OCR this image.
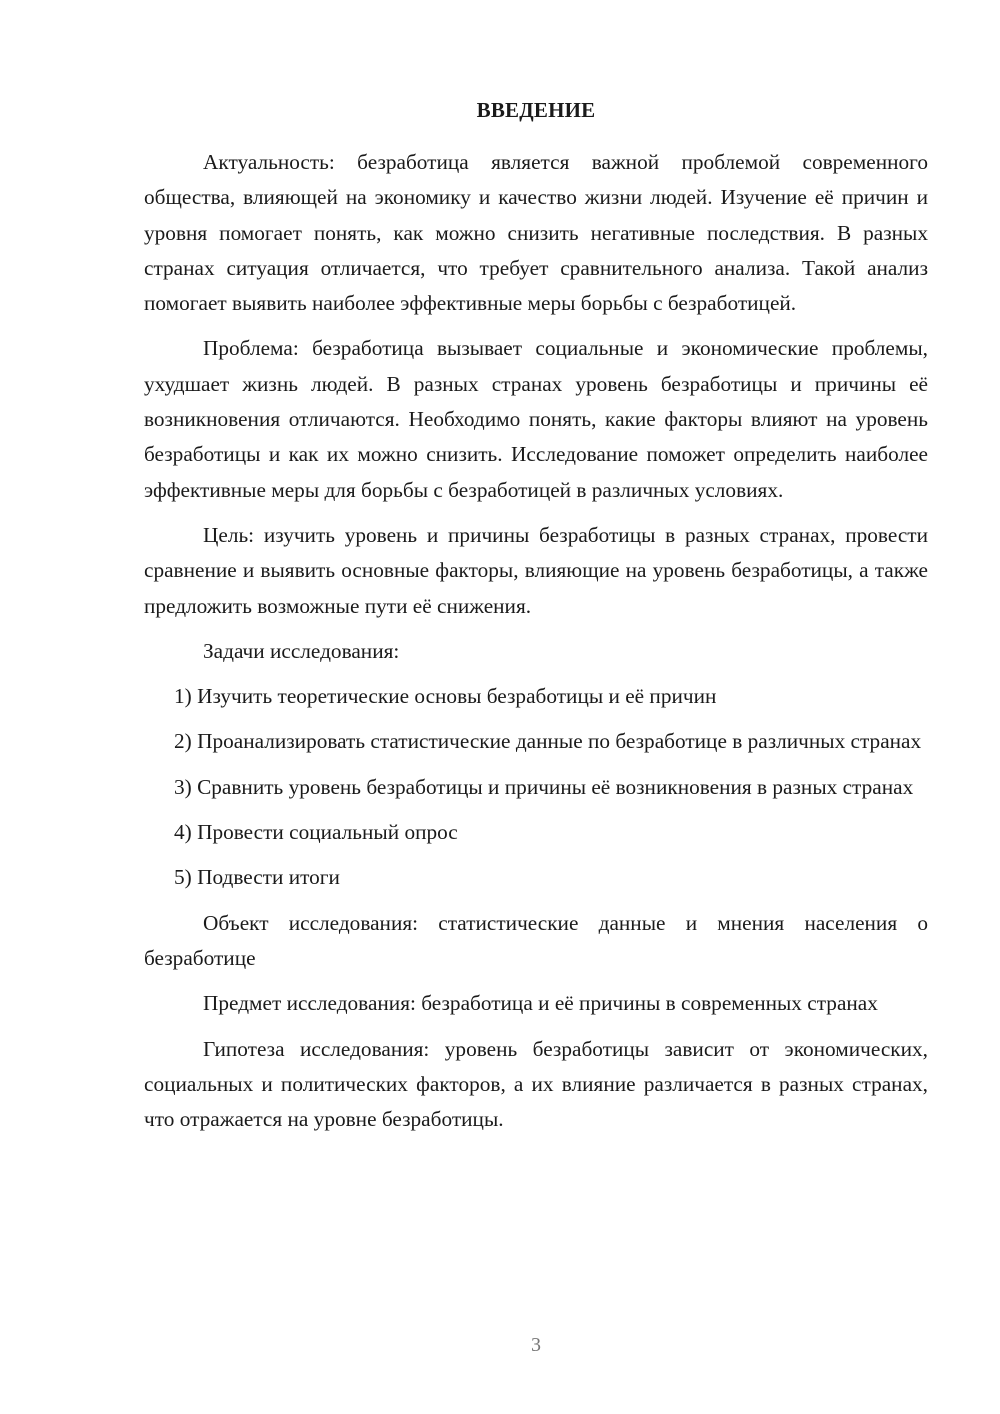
ВВЕДЕНИЕ

Актуальность: безработица является важной проблемой современного общества, влияющей на экономику и качество жизни людей. Изучение её причин и уровня помогает понять, как можно снизить негативные последствия. В разных странах ситуация отличается, что требует сравнительного анализа. Такой анализ помогает выявить наиболее эффективные меры борьбы с безработицей.

Проблема: безработица вызывает социальные и экономические проблемы, ухудшает жизнь людей. В разных странах уровень безработицы и причины её возникновения отличаются. Необходимо понять, какие факторы влияют на уровень безработицы и как их можно снизить. Исследование поможет определить наиболее эффективные меры для борьбы с безработицей в различных условиях.

Цель: изучить уровень и причины безработицы в разных странах, провести сравнение и выявить основные факторы, влияющие на уровень безработицы, а также предложить возможные пути её снижения.

Задачи исследования:

1) Изучить теоретические основы безработицы и её причин

2) Проанализировать статистические данные по безработице в различных странах

3) Сравнить уровень безработицы и причины её возникновения в разных странах

4) Провести социальный опрос

5) Подвести итоги

Объект исследования: статистические данные и мнения населения о безработице

Предмет исследования: безработица и её причины в современных странах

Гипотеза исследования: уровень безработицы зависит от экономических, социальных и политических факторов, а их влияние различается в разных странах, что отражается на уровне безработицы.

3
